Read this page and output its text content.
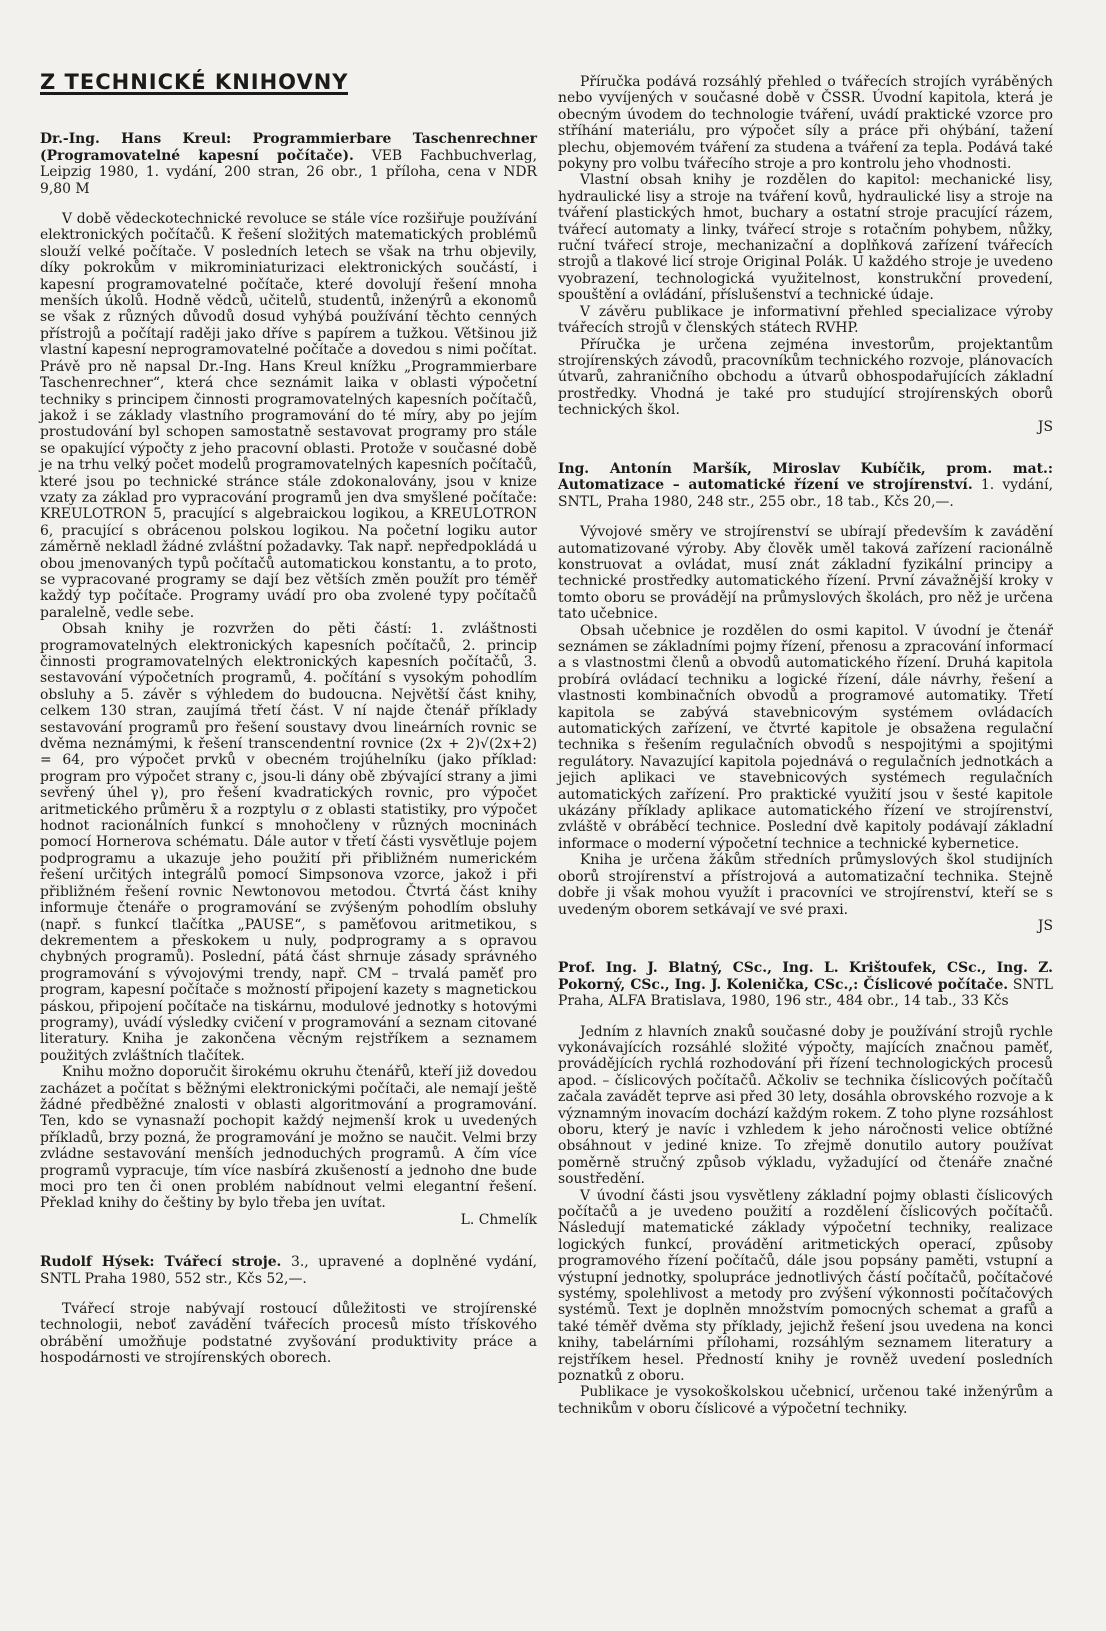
Z TECHNICKÉ KNIHOVNY

Dr.-Ing. Hans Kreul: Programmierbare Taschenrechner (Programovatelné kapesní počítače). VEB Fachbuchverlag, Leipzig 1980, 1. vydání, 200 stran, 26 obr., 1 příloha, cena v NDR 9,80 M

V době vědeckotechnické revoluce se stále více rozšiřuje používání elektronických počítačů. K řešení složitých matematických problémů slouží velké počítače. V posledních letech se však na trhu objevily, díky pokrokům v mikrominiaturizaci elektronických součástí, i kapesní programovatelné počítače, které dovolují řešení mnoha menších úkolů. Hodně vědců, učitelů, studentů, inženýrů a ekonomů se však z různých důvodů dosud vyhýbá používání těchto cenných přístrojů a počítají raději jako dříve s papírem a tužkou. Většinou již vlastní kapesní neprogramovatelné počítače a dovedou s nimi počítat. Právě pro ně napsal Dr.-Ing. Hans Kreul knížku „Programmierbare Taschenrechner“, která chce seznámit laika v oblasti výpočetní techniky s principem činnosti programovatelných kapesních počítačů, jakož i se základy vlastního programování do té míry, aby po jejím prostudování byl schopen samostatně sestavovat programy pro stále se opakující výpočty z jeho pracovní oblasti. Protože v současné době je na trhu velký počet modelů programovatelných kapesních počítačů, které jsou po technické stránce stále zdokonalovány, jsou v knize vzaty za základ pro vypracování programů jen dva smyšlené počítače: KREULOTRON 5, pracující s algebraickou logikou, a KREULOTRON 6, pracující s obrácenou polskou logikou. Na početní logiku autor záměrně nekladl žádné zvláštní požadavky. Tak např. nepředpokládá u obou jmenovaných typů počítačů automatickou konstantu, a to proto, se vypracované programy se dají bez větších změn použít pro téměř každý typ počítače. Programy uvádí pro oba zvolené typy počítačů paralelně, vedle sebe.

Obsah knihy je rozvržen do pěti částí: 1. zvláštnosti programovatelných elektronických kapesních počítačů, 2. princip činnosti programovatelných elektronických kapesních počítačů, 3. sestavování výpočetních programů, 4. počítání s vysokým pohodlím obsluhy a 5. závěr s výhledem do budoucna. Největší část knihy, celkem 130 stran, zaujímá třetí část. V ní najde čtenář příklady sestavování programů pro řešení soustavy dvou lineárních rovnic se dvěma neznámými, k řešení transcendentní rovnice (2x + 2)√(2x+2) = 64, pro výpočet prvků v obecném trojúhelníku (jako příklad: program pro výpočet strany c, jsou-li dány obě zbývající strany a jimi sevřený úhel γ), pro řešení kvadratických rovnic, pro výpočet aritmetického průměru x̄ a rozptylu σ z oblasti statistiky, pro výpočet hodnot racionálních funkcí s mnohočleny v různých mocninách pomocí Hornerova schématu. Dále autor v třetí části vysvětluje pojem podprogramu a ukazuje jeho použití při přibližném numerickém řešení určitých integrálů pomocí Simpsonova vzorce, jakož i při přibližném řešení rovnic Newtonovou metodou. Čtvrtá část knihy informuje čtenáře o programování se zvýšeným pohodlím obsluhy (např. s funkcí tlačítka „PAUSE“, s paměťovou aritmetikou, s dekrementem a přeskokem u nuly, podprogramy a s opravou chybných programů). Poslední, pátá část shrnuje zásady správného programování s vývojovými trendy, např. CM – trvalá paměť pro program, kapesní počítače s možností připojení kazety s magnetickou páskou, připojení počítače na tiskárnu, modulové jednotky s hotovými programy), uvádí výsledky cvičení v programování a seznam citované literatury. Kniha je zakončena věcným rejstříkem a seznamem použitých zvláštních tlačítek.

Knihu možno doporučit širokému okruhu čtenářů, kteří již dovedou zacházet a počítat s běžnými elektronickými počítači, ale nemají ještě žádné předběžné znalosti v oblasti algoritmování a programování. Ten, kdo se vynasnaží pochopit každý nejmenší krok u uvedených příkladů, brzy pozná, že programování je možno se naučit. Velmi brzy zvládne sestavování menších jednoduchých programů. A čím více programů vypracuje, tím více nasbírá zkušeností a jednoho dne bude moci pro ten či onen problém nabídnout velmi elegantní řešení. Překlad knihy do češtiny by bylo třeba jen uvítat.

L. Chmelík

Rudolf Hýsek: Tvářecí stroje. 3., upravené a doplněné vydání, SNTL Praha 1980, 552 str., Kčs 52,—.

Tvářecí stroje nabývají rostoucí důležitosti ve strojírenské technologii, neboť zavádění tvářecích procesů místo třískového obrábění umožňuje podstatné zvyšování produktivity práce a hospodárnosti ve strojírenských oborech.

Příručka podává rozsáhlý přehled o tvářecích strojích vyráběných nebo vyvíjených v současné době v ČSSR. Úvodní kapitola, která je obecným úvodem do technologie tváření, uvádí praktické vzorce pro stříhání materiálu, pro výpočet síly a práce při ohýbání, tažení plechu, objemovém tváření za studena a tváření za tepla. Podává také pokyny pro volbu tvářecího stroje a pro kontrolu jeho vhodnosti.

Vlastní obsah knihy je rozdělen do kapitol: mechanické lisy, hydraulické lisy a stroje na tváření kovů, hydraulické lisy a stroje na tváření plastických hmot, buchary a ostatní stroje pracující rázem, tvářecí automaty a linky, tvářecí stroje s rotačním pohybem, nůžky, ruční tvářecí stroje, mechanizační a doplňková zařízení tvářecích strojů a tlakové licí stroje Original Polák. U každého stroje je uvedeno vyobrazení, technologická využitelnost, konstrukční provedení, spouštění a ovládání, příslušenství a technické údaje.

V závěru publikace je informativní přehled specializace výroby tvářecích strojů v členských státech RVHP.

Příručka je určena zejména investorům, projektantům strojírenských závodů, pracovníkům technického rozvoje, plánovacích útvarů, zahraničního obchodu a útvarů obhospodařujících základní prostředky. Vhodná je také pro studující strojírenských oborů technických škol.

JS

Ing. Antonín Maršík, Miroslav Kubíčik, prom. mat.: Automatizace – automatické řízení ve strojírenství. 1. vydání, SNTL, Praha 1980, 248 str., 255 obr., 18 tab., Kčs 20,—.

Vývojové směry ve strojírenství se ubírají především k zavádění automatizované výroby. Aby člověk uměl taková zařízení racionálně konstruovat a ovládat, musí znát základní fyzikální principy a technické prostředky automatického řízení. První závažnější kroky v tomto oboru se provádějí na průmyslových školách, pro něž je určena tato učebnice.

Obsah učebnice je rozdělen do osmi kapitol. V úvodní je čtenář seznámen se základními pojmy řízení, přenosu a zpracování informací a s vlastnostmi členů a obvodů automatického řízení. Druhá kapitola probírá ovládací techniku a logické řízení, dále návrhy, řešení a vlastnosti kombinačních obvodů a programové automatiky. Třetí kapitola se zabývá stavebnicovým systémem ovládacích automatických zařízení, ve čtvrté kapitole je obsažena regulační technika s řešením regulačních obvodů s nespojitými a spojitými regulátory. Navazující kapitola pojednává o regulačních jednotkách a jejich aplikaci ve stavebnicových systémech regulačních automatických zařízení. Pro praktické využití jsou v šesté kapitole ukázány příklady aplikace automatického řízení ve strojírenství, zvláště v obráběcí technice. Poslední dvě kapitoly podávají základní informace o moderní výpočetní technice a technické kybernetice.

Kniha je určena žákům středních průmyslových škol studijních oborů strojírenství a přístrojová a automatizační technika. Stejně dobře ji však mohou využít i pracovníci ve strojírenství, kteří se s uvedeným oborem setkávají ve své praxi.

JS

Prof. Ing. J. Blatný, CSc., Ing. L. Krištoufek, CSc., Ing. Z. Pokorný, CSc., Ing. J. Kolenička, CSc.,: Číslicové počítače. SNTL Praha, ALFA Bratislava, 1980, 196 str., 484 obr., 14 tab., 33 Kčs

Jedním z hlavních znaků současné doby je používání strojů rychle vykonávajících rozsáhlé složité výpočty, majících značnou paměť, provádějících rychlá rozhodování při řízení technologických procesů apod. – číslicových počítačů. Ačkoliv se technika číslicových počítačů začala zavádět teprve asi před 30 lety, dosáhla obrovského rozvoje a k významným inovacím dochází každým rokem. Z toho plyne rozsáhlost oboru, který je navíc i vzhledem k jeho náročnosti velice obtížné obsáhnout v jediné knize. To zřejmě donutilo autory používat poměrně stručný způsob výkladu, vyžadující od čtenáře značné soustředění.

V úvodní části jsou vysvětleny základní pojmy oblasti číslicových počítačů a je uvedeno použití a rozdělení číslicových počítačů. Následují matematické základy výpočetní techniky, realizace logických funkcí, provádění aritmetických operací, způsoby programového řízení počítačů, dále jsou popsány paměti, vstupní a výstupní jednotky, spolupráce jednotlivých částí počítačů, počítačové systémy, spolehlivost a metody pro zvýšení výkonnosti počítačových systémů. Text je doplněn množstvím pomocných schemat a grafů a také téměř dvěma sty příklady, jejichž řešení jsou uvedena na konci knihy, tabelárními přílohami, rozsáhlým seznamem literatury a rejstříkem hesel. Předností knihy je rovněž uvedení posledních poznatků z oboru.

Publikace je vysokoškolskou učebnicí, určenou také inženýrům a technikům v oboru číslicové a výpočetní techniky.
